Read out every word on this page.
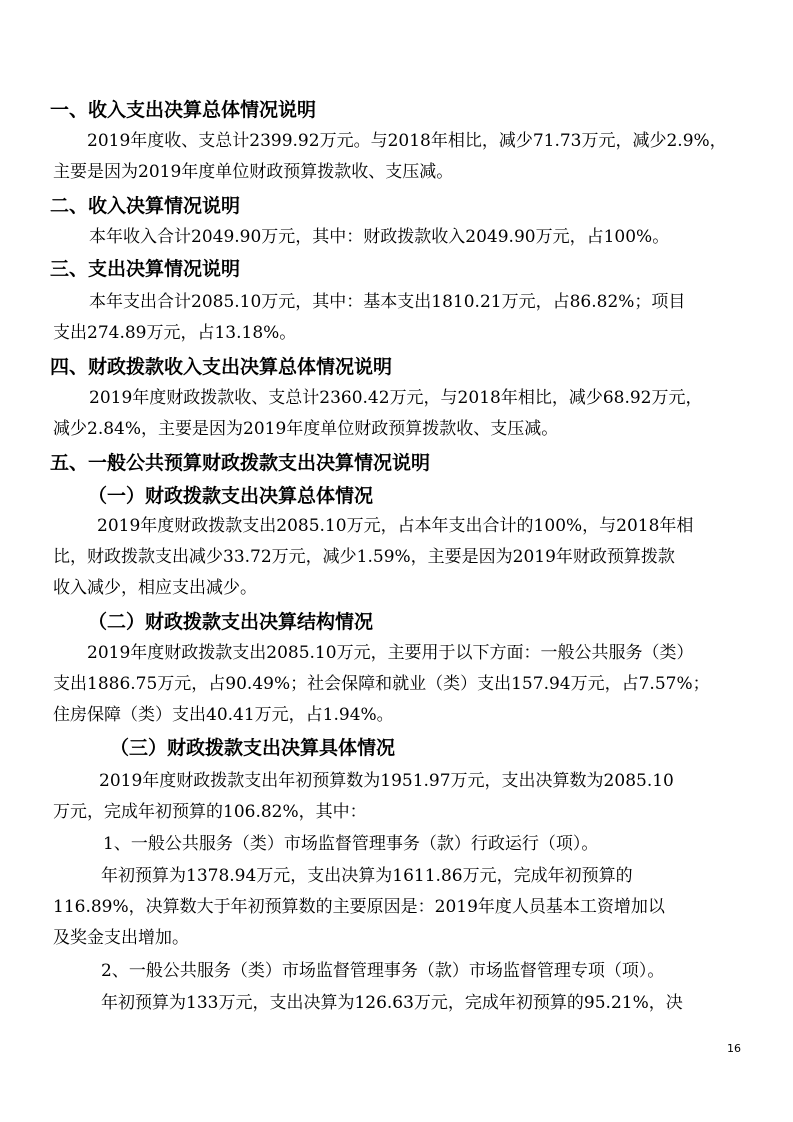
一、收入支出决算总体情况说明
2019年度收、支总计2399.92万元。与2018年相比，减少71.73万元，减少2.9%，
主要是因为2019年度单位财政预算拨款收、支压减。
二、收入决算情况说明
本年收入合计2049.90万元，其中：财政拨款收入2049.90万元，占100%。
三、支出决算情况说明
本年支出合计2085.10万元，其中：基本支出1810.21万元，占86.82%；项目
支出274.89万元，占13.18%。
四、财政拨款收入支出决算总体情况说明
2019年度财政拨款收、支总计2360.42万元，与2018年相比，减少68.92万元，
减少2.84%，主要是因为2019年度单位财政预算拨款收、支压减。
五、一般公共预算财政拨款支出决算情况说明
（一）财政拨款支出决算总体情况
2019年度财政拨款支出2085.10万元，占本年支出合计的100%，与2018年相
比，财政拨款支出减少33.72万元，减少1.59%，主要是因为2019年财政预算拨款
收入减少，相应支出减少。
（二）财政拨款支出决算结构情况
2019年度财政拨款支出2085.10万元，主要用于以下方面：一般公共服务（类）
支出1886.75万元，占90.49%；社会保障和就业（类）支出157.94万元，占7.57%；
住房保障（类）支出40.41万元，占1.94%。
（三）财政拨款支出决算具体情况
2019年度财政拨款支出年初预算数为1951.97万元，支出决算数为2085.10
万元，完成年初预算的106.82%，其中：
1、一般公共服务（类）市场监督管理事务（款）行政运行（项）。
年初预算为1378.94万元，支出决算为1611.86万元，完成年初预算的
116.89%，决算数大于年初预算数的主要原因是：2019年度人员基本工资增加以
及奖金支出增加。
2、一般公共服务（类）市场监督管理事务（款）市场监督管理专项（项）。
年初预算为133万元，支出决算为126.63万元，完成年初预算的95.21%，决
16
